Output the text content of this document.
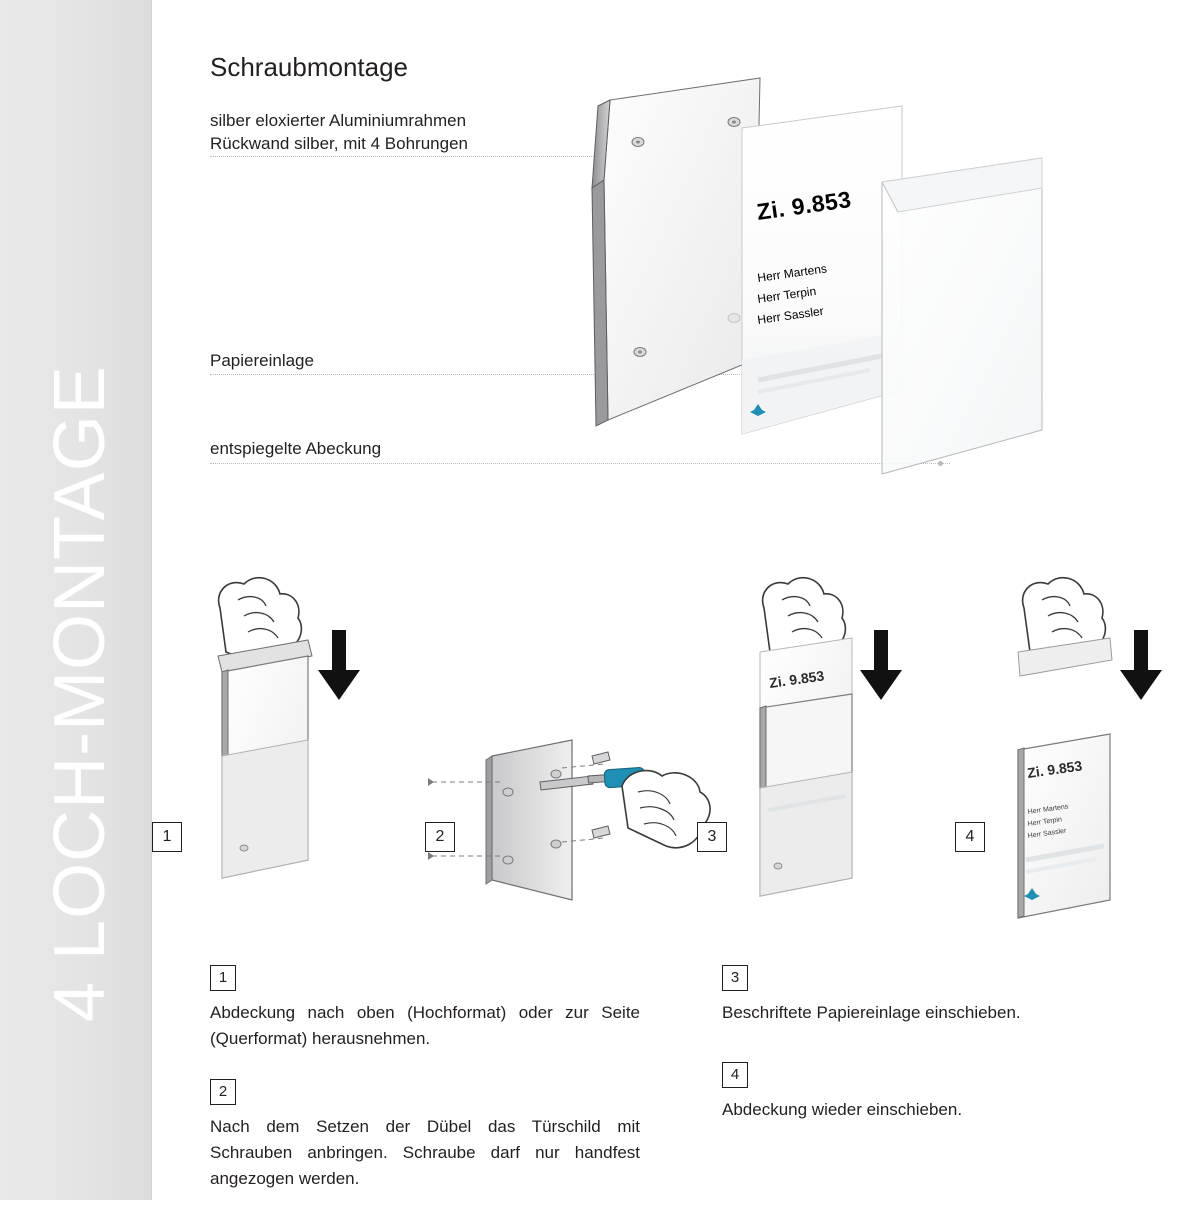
4 LOCH-MONTAGE
Schraubmontage
silber eloxierter Aluminiumrahmen
Rückwand silber, mit 4 Bohrungen
Papiereinlage
entspiegelte Abeckung
Zi. 9.853
Herr Martens
Herr Terpin
Herr Sassler
Zi. 9.853
Zi. 9.853
Herr Martens
Herr Terpin
Herr Sassler
1	2	3	4
1

Abdeckung nach oben (Hochformat) oder zur Seite (Querformat) herausnehmen.

2

Nach dem Setzen der Dübel das Türschild mit Schrauben anbringen. Schraube darf nur handfest angezogen werden.

3

Beschriftete Papiereinlage einschieben.

4

Abdeckung wieder einschieben.
